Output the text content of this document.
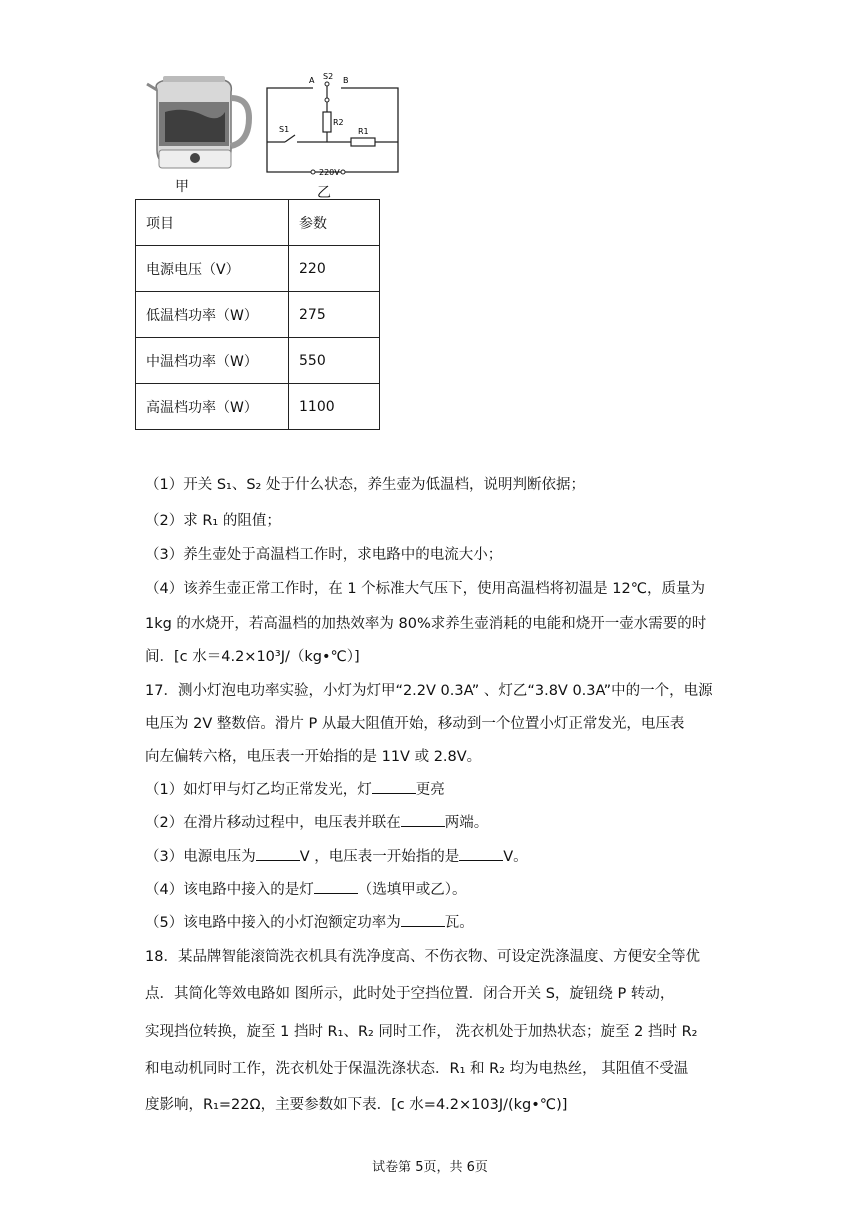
甲
A	B
S2
R2
S1	R1
220V
乙
项目	参数
电源电压（V）	220
低温档功率（W）	275
中温档功率（W）	550
高温档功率（W）	1100
（1）开关 S₁、S₂ 处于什么状态，养生壶为低温档，说明判断依据；
（2）求 R₁ 的阻值；
（3）养生壶处于高温档工作时，求电路中的电流大小；
（4）该养生壶正常工作时，在 1 个标准大气压下，使用高温档将初温是 12℃，质量为
1kg 的水烧开，若高温档的加热效率为 80%求养生壶消耗的电能和烧开一壶水需要的时
间．[c 水＝4.2×10³J/（kg•℃）]
17．测小灯泡电功率实验，小灯为灯甲“2.2V 0.3A” 、灯乙“3.8V 0.3A”中的一个，电源
电压为 2V 整数倍。滑片 P 从最大阻值开始，移动到一个位置小灯正常发光，电压表
向左偏转六格，电压表一开始指的是 11V 或 2.8V。
（1）如灯甲与灯乙均正常发光，灯	更亮
（2）在滑片移动过程中，电压表并联在	两端。
（3）电源电压为	V ，电压表一开始指的是	V。
（4）该电路中接入的是灯	（选填甲或乙）。
（5）该电路中接入的小灯泡额定功率为	瓦。
18．某品牌智能滚筒洗衣机具有洗净度高、不伤衣物、可设定洗涤温度、方便安全等优
点．其简化等效电路如 图所示，此时处于空挡位置．闭合开关 S，旋钮绕 P 转动，
实现挡位转换，旋至 1 挡时 R₁、R₂ 同时工作， 洗衣机处于加热状态；旋至 2 挡时 R₂
和电动机同时工作，洗衣机处于保温洗涤状态．R₁ 和 R₂ 均为电热丝， 其阻值不受温
度影响，R₁=22Ω，主要参数如下表．[c 水=4.2×103J/(kg•℃)]
试卷第 5页，共 6页
